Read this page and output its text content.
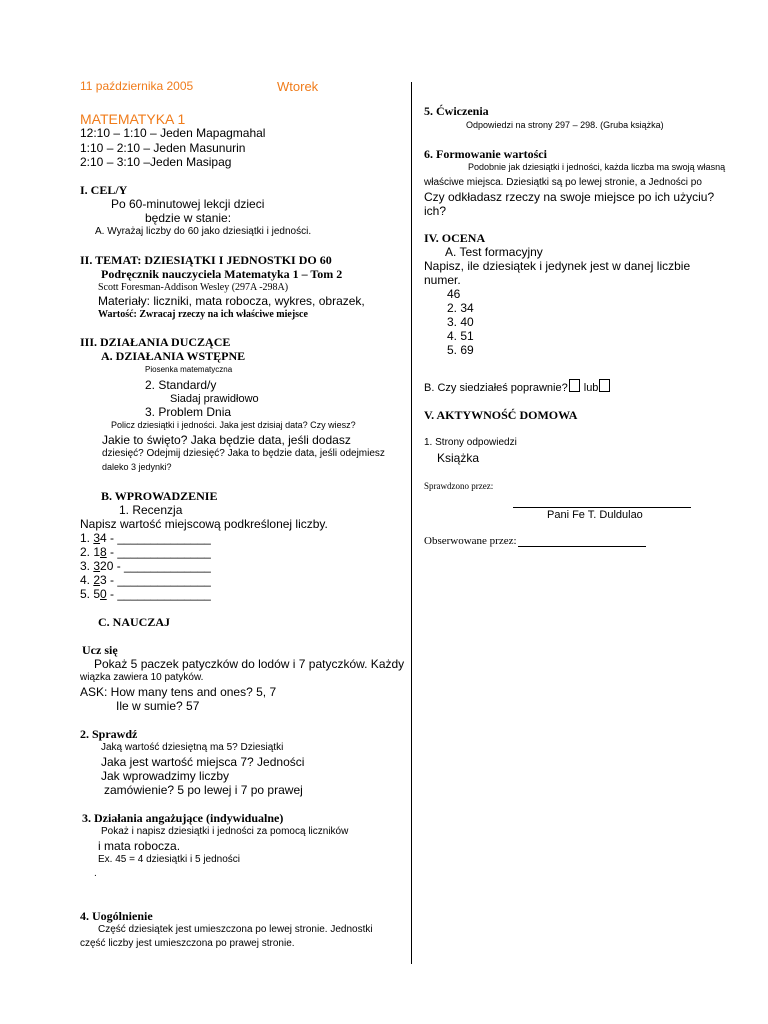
11 października 2005	Wtorek
MATEMATYKA 1
12:10 – 1:10 – Jeden Mapagmahal
1:10 – 2:10 – Jeden Masunurin
2:10 – 3:10 –Jeden Masipag
I. CEL/Y
Po 60-minutowej lekcji dzieci
będzie w stanie:
A. Wyrażaj liczby do 60 jako dziesiątki i jedności.
II. TEMAT: DZIESIĄTKI I JEDNOSTKI DO 60
Podręcznik nauczyciela Matematyka 1 – Tom 2
Scott Foresman-Addison Wesley (297A -298A)
Materiały: liczniki, mata robocza, wykres, obrazek,
Wartość: Zwracaj rzeczy na ich właściwe miejsce
III. DZIAŁANIA DUCZĄCE
A. DZIAŁANIA WSTĘPNE
Piosenka matematyczna
2. Standard/y
Siadaj prawidłowo
3. Problem Dnia
Policz dziesiątki i jedności. Jaka jest dzisiaj data? Czy wiesz?
Jakie to święto? Jaka będzie data, jeśli dodasz
dziesięć? Odejmij dziesięć? Jaka to będzie data, jeśli odejmiesz
daleko 3 jedynki?
B. WPROWADZENIE
1. Recenzja
Napisz wartość miejscową podkreślonej liczby.
1. 34 - ______________
2. 18 - ______________
3. 320 - _____________
4. 23 - ______________
5. 50 - ______________
C. NAUCZAJ
Ucz się
Pokaż 5 paczek patyczków do lodów i 7 patyczków. Każdy
wiązka zawiera 10 patyków.
ASK: How many tens and ones? 5, 7
Ile w sumie? 57
2. Sprawdź
Jaką wartość dziesiętną ma 5? Dziesiątki
Jaka jest wartość miejsca 7? Jedności
Jak wprowadzimy liczby
zamówienie? 5 po lewej i 7 po prawej
3. Działania angażujące (indywidualne)
Pokaż i napisz dziesiątki i jedności za pomocą liczników
i mata robocza.
Ex. 45 = 4 dziesiątki i 5 jedności
.
4. Uogólnienie
Część dziesiątek jest umieszczona po lewej stronie. Jednostki
część liczby jest umieszczona po prawej stronie.
5. Ćwiczenia
Odpowiedzi na strony 297 – 298. (Gruba książka)
6. Formowanie wartości
Podobnie jak dziesiątki i jedności, każda liczba ma swoją własną
właściwe miejsca. Dziesiątki są po lewej stronie, a Jedności po
Czy odkładasz rzeczy na swoje miejsce po ich użyciu?
ich?
IV. OCENA
A. Test formacyjny
Napisz, ile dziesiątek i jedynek jest w danej liczbie
numer.
46
2. 34
3. 40
4. 51
5. 69
B. Czy siedziałeś poprawnie? lub
V. AKTYWNOŚĆ DOMOWA
1. Strony odpowiedzi
Książka
Sprawdzono przez:
Pani Fe T. Duldulao
Obserwowane przez:
